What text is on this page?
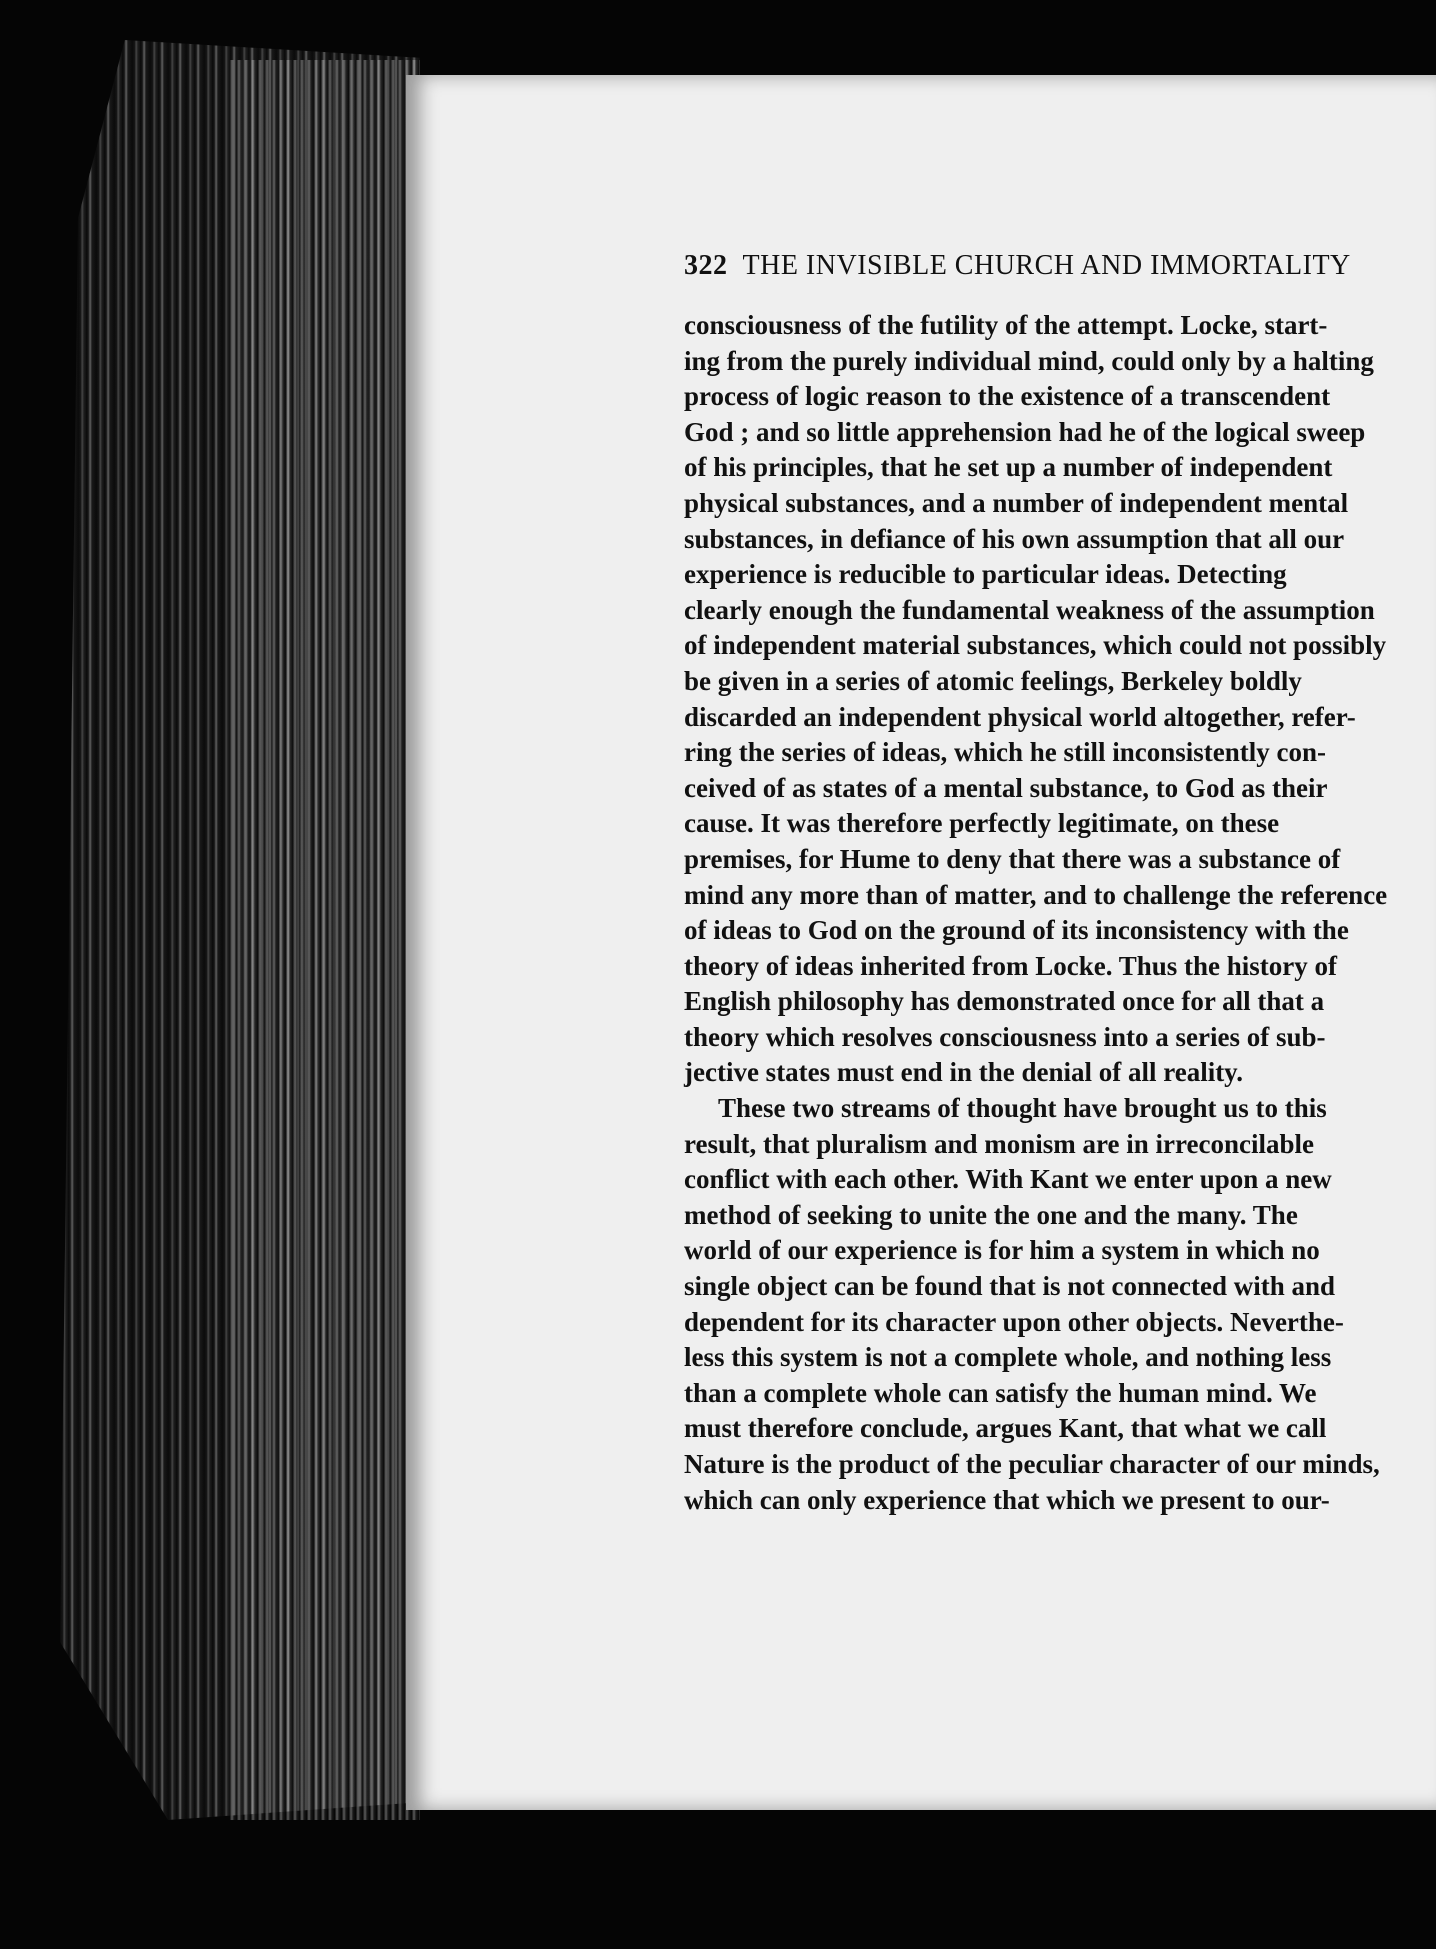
322 THE INVISIBLE CHURCH AND IMMORTALITY
consciousness of the futility of the attempt. Locke, start-
ing from the purely individual mind, could only by a halting
process of logic reason to the existence of a transcendent
God ; and so little apprehension had he of the logical sweep
of his principles, that he set up a number of independent
physical substances, and a number of independent mental
substances, in defiance of his own assumption that all our
experience is reducible to particular ideas. Detecting
clearly enough the fundamental weakness of the assumption
of independent material substances, which could not possibly
be given in a series of atomic feelings, Berkeley boldly
discarded an independent physical world altogether, refer-
ring the series of ideas, which he still inconsistently con-
ceived of as states of a mental substance, to God as their
cause. It was therefore perfectly legitimate, on these
premises, for Hume to deny that there was a substance of
mind any more than of matter, and to challenge the reference
of ideas to God on the ground of its inconsistency with the
theory of ideas inherited from Locke. Thus the history of
English philosophy has demonstrated once for all that a
theory which resolves consciousness into a series of sub-
jective states must end in the denial of all reality.
These two streams of thought have brought us to this
result, that pluralism and monism are in irreconcilable
conflict with each other. With Kant we enter upon a new
method of seeking to unite the one and the many. The
world of our experience is for him a system in which no
single object can be found that is not connected with and
dependent for its character upon other objects. Neverthe-
less this system is not a complete whole, and nothing less
than a complete whole can satisfy the human mind. We
must therefore conclude, argues Kant, that what we call
Nature is the product of the peculiar character of our minds,
which can only experience that which we present to our-
